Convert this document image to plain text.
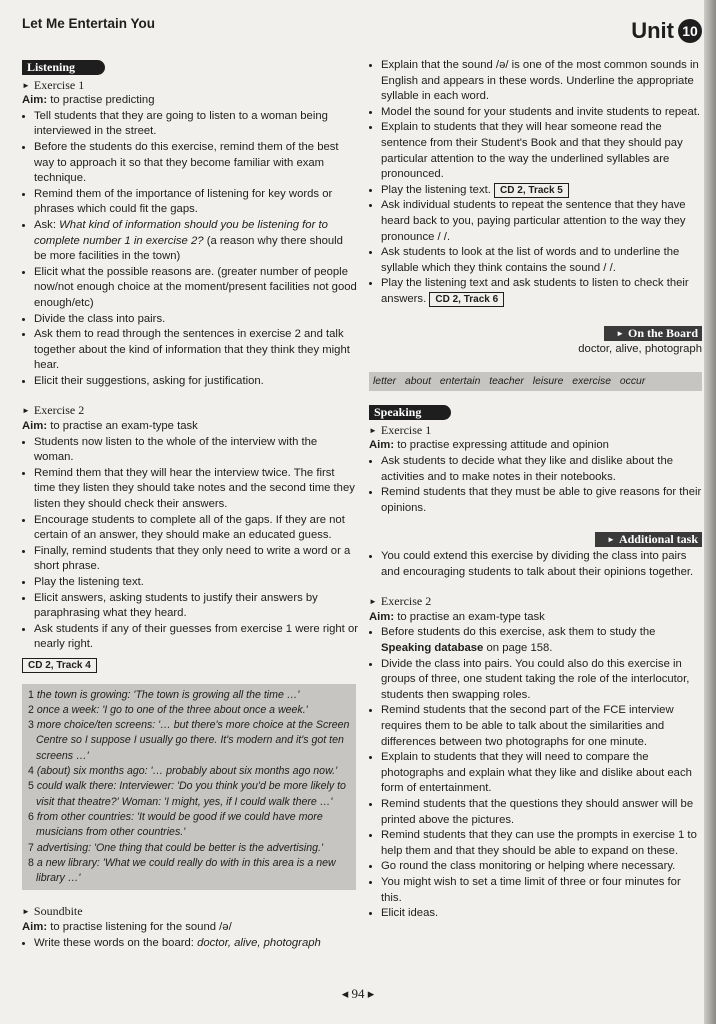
Let Me Entertain You	Unit 10
Listening
► Exercise 1
Aim: to practise predicting
• Tell students that they are going to listen to a woman being interviewed in the street.
• Before the students do this exercise, remind them of the best way to approach it so that they become familiar with exam technique.
• Remind them of the importance of listening for key words or phrases which could fit the gaps.
• Ask: What kind of information should you be listening for to complete number 1 in exercise 2? (a reason why there should be more facilities in the town)
• Elicit what the possible reasons are. (greater number of people now/not enough choice at the moment/present facilities not good enough/etc)
• Divide the class into pairs.
• Ask them to read through the sentences in exercise 2 and talk together about the kind of information that they think they might hear.
• Elicit their suggestions, asking for justification.
► Exercise 2
Aim: to practise an exam-type task
• Students now listen to the whole of the interview with the woman.
• Remind them that they will hear the interview twice. The first time they listen they should take notes and the second time they listen they should check their answers.
• Encourage students to complete all of the gaps. If they are not certain of an answer, they should make an educated guess.
• Finally, remind students that they only need to write a word or a short phrase.
• Play the listening text.
• Elicit answers, asking students to justify their answers by paraphrasing what they heard.
• Ask students if any of their guesses from exercise 1 were right or nearly right.
CD 2, Track 4
1 the town is growing: 'The town is growing all the time …'
2 once a week: 'I go to one of the three about once a week.'
3 more choice/ten screens: '… but there's more choice at the Screen Centre so I suppose I usually go there. It's modern and it's got ten screens …'
4 (about) six months ago: '… probably about six months ago now.'
5 could walk there: Interviewer: 'Do you think you'd be more likely to visit that theatre?' Woman: 'I might, yes, if I could walk there …'
6 from other countries: 'It would be good if we could have more musicians from other countries.'
7 advertising: 'One thing that could be better is the advertising.'
8 a new library: 'What we could really do with in this area is a new library …'
► Soundbite
Aim: to practise listening for the sound /ə/
• Write these words on the board: doctor, alive, photograph
• Explain that the sound /ə/ is one of the most common sounds in English and appears in these words. Underline the appropriate syllable in each word.
• Model the sound for your students and invite students to repeat.
• Explain to students that they will hear someone read the sentence from their Student's Book and that they should pay particular attention to the way the underlined syllables are pronounced.
• Play the listening text. CD 2, Track 5
• Ask individual students to repeat the sentence that they have heard back to you, paying particular attention to the way they pronounce / /.
• Ask students to look at the list of words and to underline the syllable which they think contains the sound / /.
• Play the listening text and ask students to listen to check their answers. CD 2, Track 6
► On the Board
doctor, alive, photograph
letter about entertain teacher leisure exercise occur
Speaking
► Exercise 1
Aim: to practise expressing attitude and opinion
• Ask students to decide what they like and dislike about the activities and to make notes in their notebooks.
• Remind students that they must be able to give reasons for their opinions.
► Additional task
• You could extend this exercise by dividing the class into pairs and encouraging students to talk about their opinions together.
► Exercise 2
Aim: to practise an exam-type task
• Before students do this exercise, ask them to study the Speaking database on page 158.
• Divide the class into pairs. You could also do this exercise in groups of three, one student taking the role of the interlocutor, students then swapping roles.
• Remind students that the second part of the FCE interview requires them to be able to talk about the similarities and differences between two photographs for one minute.
• Explain to students that they will need to compare the photographs and explain what they like and dislike about each form of entertainment.
• Remind students that the questions they should answer will be printed above the pictures.
• Remind students that they can use the prompts in exercise 1 to help them and that they should be able to expand on these.
• Go round the class monitoring or helping where necessary.
• You might wish to set a time limit of three or four minutes for this.
• Elicit ideas.
◂ 94 ▸
